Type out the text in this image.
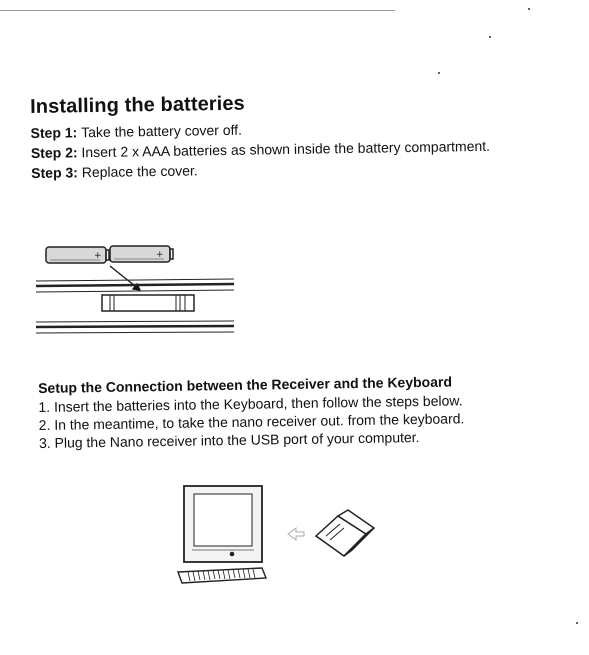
Installing the batteries
Step 1:
Take the battery cover off.
Step 2:
Insert 2 x AAA batteries as shown inside the battery compartment.
Step 3:
Replace the cover.
+	+
Setup the Connection between the Receiver and the Keyboard
1. Insert the batteries into the Keyboard, then follow the steps below.
2. In the meantime, to take the nano receiver out. from the keyboard.
3. Plug the Nano receiver into the USB port of your computer.
